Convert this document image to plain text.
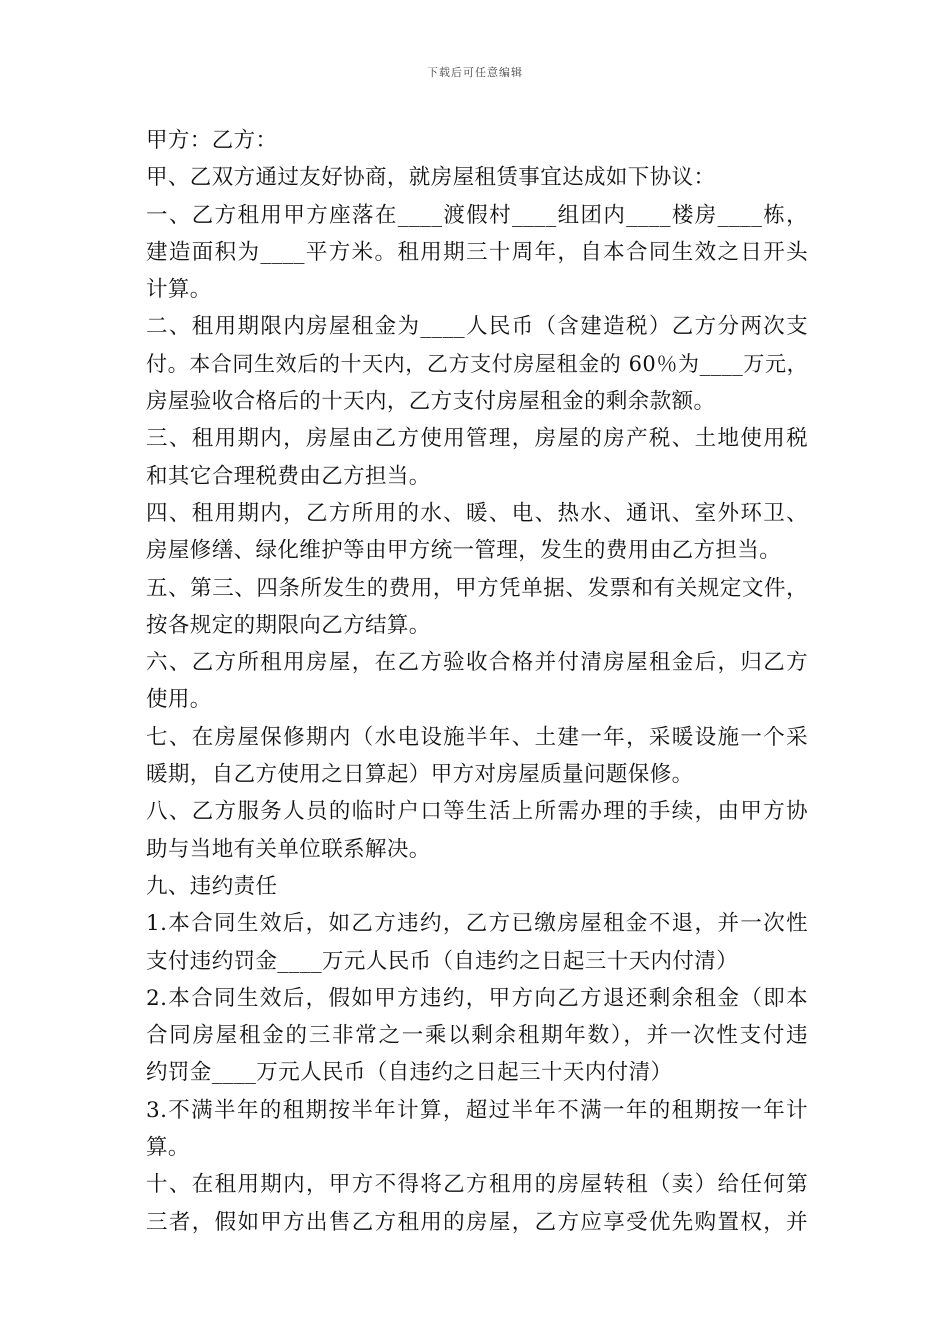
下载后可任意编辑
甲方：乙方：
甲、乙双方通过友好协商，就房屋租赁事宜达成如下协议：
一、乙方租用甲方座落在____渡假村____组团内____楼房____栋，
建造面积为____平方米。租用期三十周年，自本合同生效之日开头
计算。
二、租用期限内房屋租金为____人民币（含建造税）乙方分两次支
付。本合同生效后的十天内，乙方支付房屋租金的 60％为____万元，
房屋验收合格后的十天内，乙方支付房屋租金的剩余款额。
三、租用期内，房屋由乙方使用管理，房屋的房产税、土地使用税
和其它合理税费由乙方担当。
四、租用期内，乙方所用的水、暖、电、热水、通讯、室外环卫、
房屋修缮、绿化维护等由甲方统一管理，发生的费用由乙方担当。
五、第三、四条所发生的费用，甲方凭单据、发票和有关规定文件，
按各规定的期限向乙方结算。
六、乙方所租用房屋，在乙方验收合格并付清房屋租金后，归乙方
使用。
七、在房屋保修期内（水电设施半年、土建一年，采暖设施一个采
暖期，自乙方使用之日算起）甲方对房屋质量问题保修。
八、乙方服务人员的临时户口等生活上所需办理的手续，由甲方协
助与当地有关单位联系解决。
九、违约责任
1.本合同生效后，如乙方违约，乙方已缴房屋租金不退，并一次性
支付违约罚金____万元人民币（自违约之日起三十天内付清）
2.本合同生效后，假如甲方违约，甲方向乙方退还剩余租金（即本
合同房屋租金的三非常之一乘以剩余租期年数），并一次性支付违
约罚金____万元人民币（自违约之日起三十天内付清）
3.不满半年的租期按半年计算，超过半年不满一年的租期按一年计
算。
十、在租用期内，甲方不得将乙方租用的房屋转租（卖）给任何第
三者，假如甲方出售乙方租用的房屋，乙方应享受优先购置权，并
